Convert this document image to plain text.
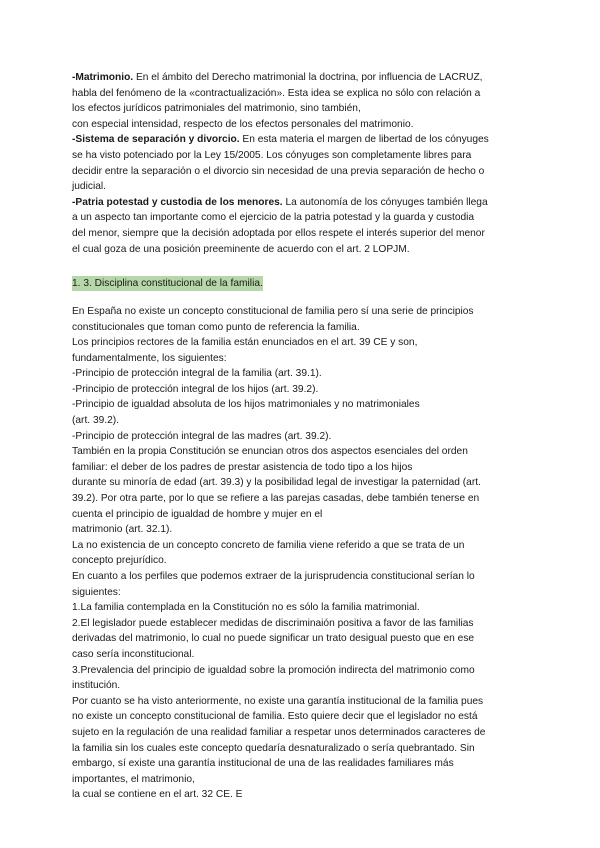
-Matrimonio. En el ámbito del Derecho matrimonial la doctrina, por influencia de LACRUZ,

habla del fenómeno de la «contractualización». Esta idea se explica no sólo con relación a

los efectos jurídicos patrimoniales del matrimonio, sino también,

con especial intensidad, respecto de los efectos personales del matrimonio.

-Sistema de separación y divorcio. En esta materia el margen de libertad de los cónyuges

se ha visto potenciado por la Ley 15/2005. Los cónyuges son completamente libres para

decidir entre la separación o el divorcio sin necesidad de una previa separación de hecho o

judicial.

-Patria potestad y custodia de los menores. La autonomía de los cónyuges también llega

a un aspecto tan importante como el ejercicio de la patria potestad y la guarda y custodia

del menor, siempre que la decisión adoptada por ellos respete el interés superior del menor

el cual goza de una posición preeminente de acuerdo con el art. 2 LOPJM.

1. 3. Disciplina constitucional de la familia.

En España no existe un concepto constitucional de familia pero sí una serie de principios

constitucionales que toman como punto de referencia la familia.

Los principios rectores de la familia están enunciados en el art. 39 CE y son,

fundamentalmente, los siguientes:

-Principio de protección integral de la familia (art. 39.1).

-Principio de protección integral de los hijos (art. 39.2).

-Principio de igualdad absoluta de los hijos matrimoniales y no matrimoniales

(art. 39.2).

-Principio de protección integral de las madres (art. 39.2).

También en la propia Constitución se enuncian otros dos aspectos esenciales del orden

familiar: el deber de los padres de prestar asistencia de todo tipo a los hijos

durante su minoría de edad (art. 39.3) y la posibilidad legal de investigar la paternidad (art.

39.2). Por otra parte, por lo que se refiere a las parejas casadas, debe también tenerse en

cuenta el principio de igualdad de hombre y mujer en el

matrimonio (art. 32.1).

La no existencia de un concepto concreto de familia viene referido a que se trata de un

concepto prejurídico.

En cuanto a los perfiles que podemos extraer de la jurisprudencia constitucional serían lo

siguientes:

1.La familia contemplada en la Constitución no es sólo la familia matrimonial.

2.El legislador puede establecer medidas de discriminaión positiva a favor de las familias

derivadas del matrimonio, lo cual no puede significar un trato desigual puesto que en ese

caso sería inconstitucional.

3.Prevalencia del principio de igualdad sobre la promoción indirecta del matrimonio como

institución.

Por cuanto se ha visto anteriormente, no existe una garantía institucional de la familia pues

no existe un concepto constitucional de familia. Esto quiere decir que el legislador no está

sujeto en la regulación de una realidad familiar a respetar unos determinados caracteres de

la familia sin los cuales este concepto quedaría desnaturalizado o sería quebrantado. Sin

embargo, sí existe una garantía institucional de una de las realidades familiares más

importantes, el matrimonio,

la cual se contiene en el art. 32 CE. E
